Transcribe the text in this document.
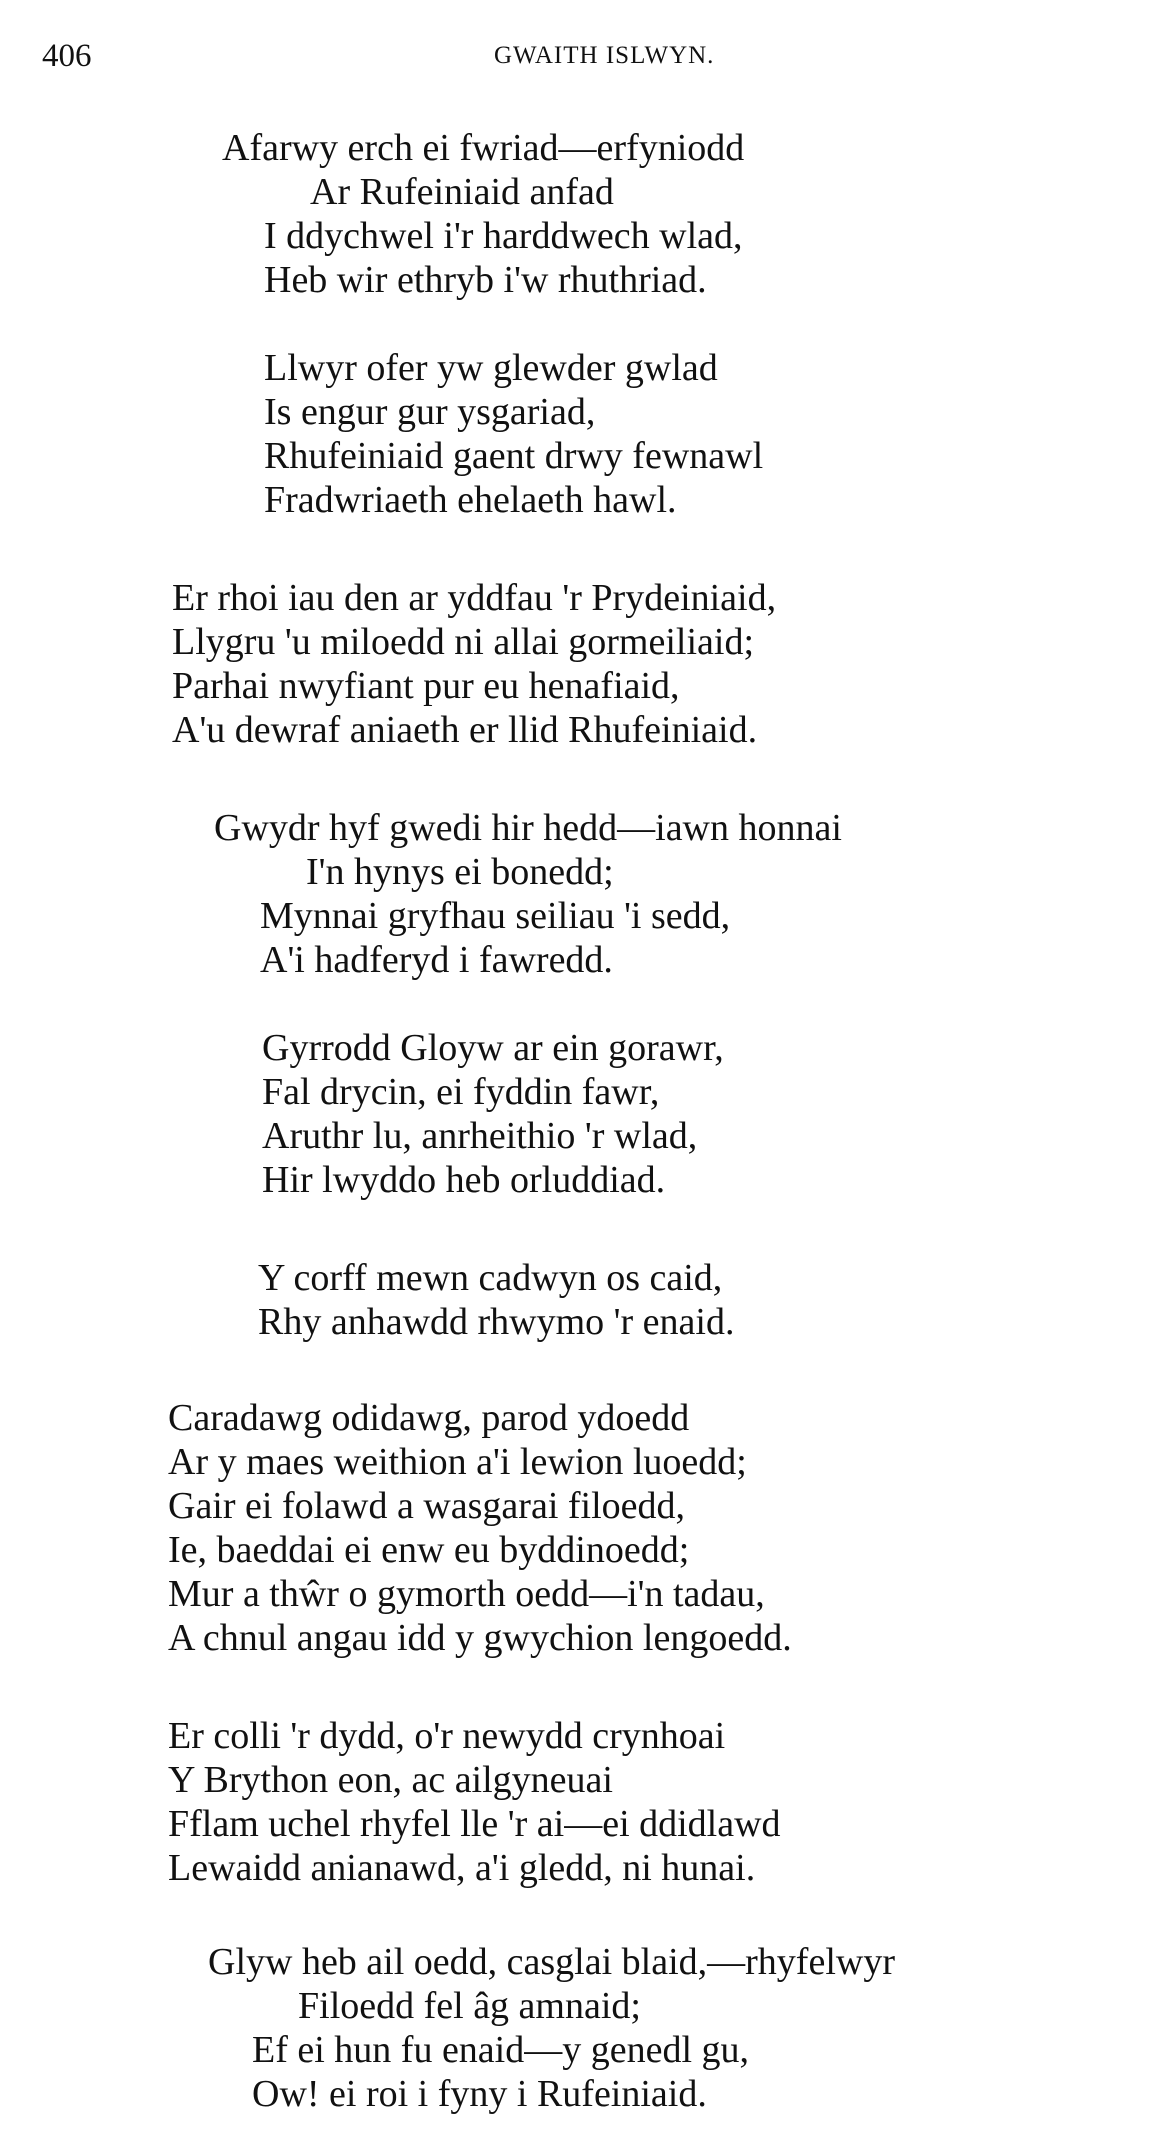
406	GWAITH ISLWYN.
Afarwy erch ei fwriad—erfyniodd
Ar Rufeiniaid anfad
I ddychwel i'r harddwech wlad,
Heb wir ethryb i'w rhuthriad.
Llwyr ofer yw glewder gwlad
Is engur gur ysgariad,
Rhufeiniaid gaent drwy fewnawl
Fradwriaeth ehelaeth hawl.
Er rhoi iau den ar yddfau 'r Prydeiniaid,
Llygru 'u miloedd ni allai gormeiliaid;
Parhai nwyfiant pur eu henafiaid,
A'u dewraf aniaeth er llid Rhufeiniaid.
Gwydr hyf gwedi hir hedd—iawn honnai
I'n hynys ei bonedd;
Mynnai gryfhau seiliau 'i sedd,
A'i hadferyd i fawredd.
Gyrrodd Gloyw ar ein gorawr,
Fal drycin, ei fyddin fawr,
Aruthr lu, anrheithio 'r wlad,
Hir lwyddo heb orluddiad.
Y corff mewn cadwyn os caid,
Rhy anhawdd rhwymo 'r enaid.
Caradawg odidawg, parod ydoedd
Ar y maes weithion a'i lewion luoedd;
Gair ei folawd a wasgarai filoedd,
Ie, baeddai ei enw eu byddinoedd;
Mur a thŵr o gymorth oedd—i'n tadau,
A chnul angau idd y gwychion lengoedd.
Er colli 'r dydd, o'r newydd crynhoai
Y Brython eon, ac ailgyneuai
Fflam uchel rhyfel lle 'r ai—ei ddidlawd
Lewaidd anianawd, a'i gledd, ni hunai.
Glyw heb ail oedd, casglai blaid,—rhyfelwyr
Filoedd fel âg amnaid;
Ef ei hun fu enaid—y genedl gu,
Ow! ei roi i fyny i Rufeiniaid.
